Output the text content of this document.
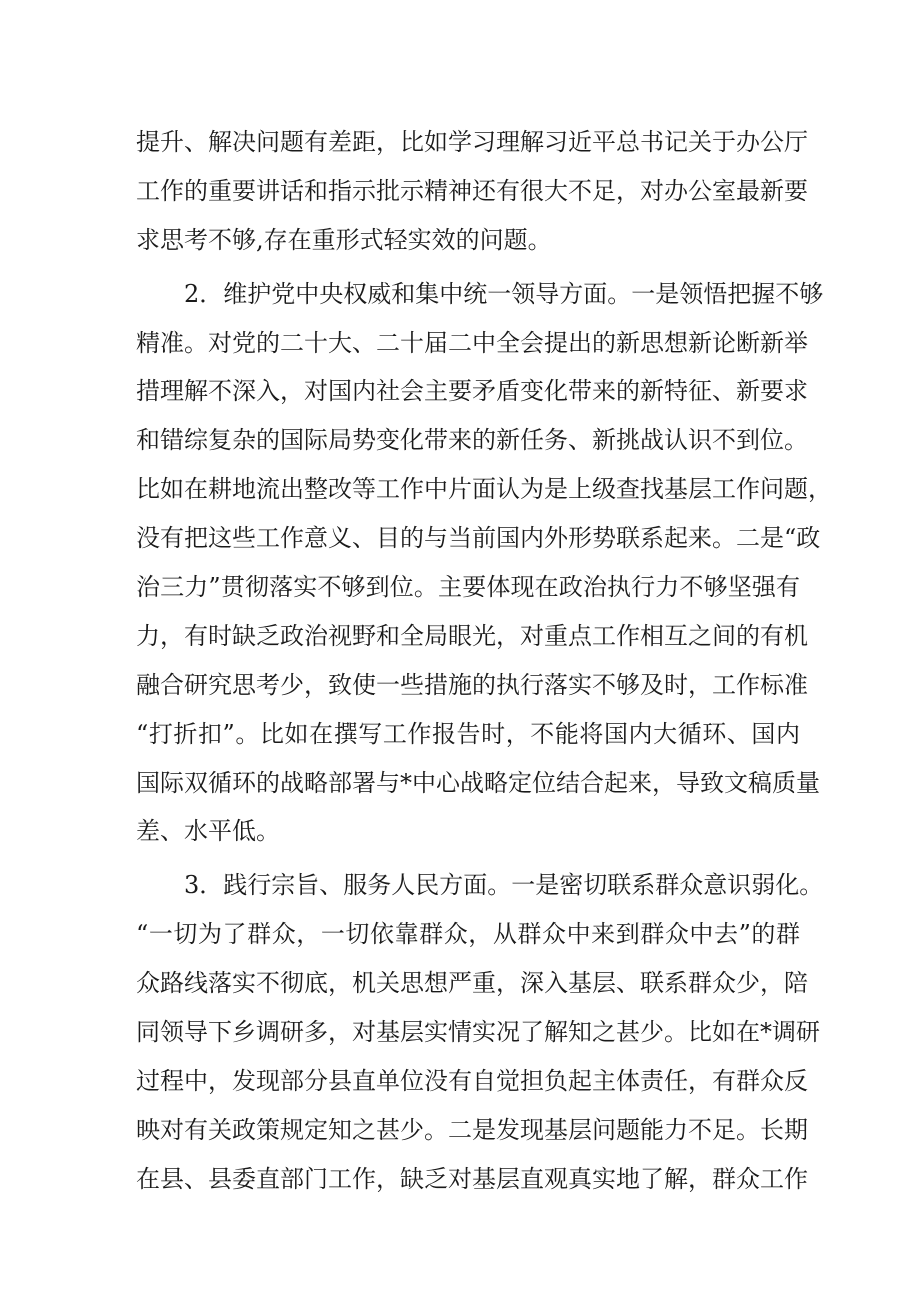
提升、解决问题有差距，比如学习理解习近平总书记关于办公厅
工作的重要讲话和指示批示精神还有很大不足，对办公室最新要
求思考不够,存在重形式轻实效的问题。
2．维护党中央权威和集中统一领导方面。一是领悟把握不够
精准。对党的二十大、二十届二中全会提出的新思想新论断新举
措理解不深入，对国内社会主要矛盾变化带来的新特征、新要求
和错综复杂的国际局势变化带来的新任务、新挑战认识不到位。
比如在耕地流出整改等工作中片面认为是上级查找基层工作问题，
没有把这些工作意义、目的与当前国内外形势联系起来。二是“政
治三力”贯彻落实不够到位。主要体现在政治执行力不够坚强有
力，有时缺乏政治视野和全局眼光，对重点工作相互之间的有机
融合研究思考少，致使一些措施的执行落实不够及时，工作标准
“打折扣”。比如在撰写工作报告时，不能将国内大循环、国内
国际双循环的战略部署与*中心战略定位结合起来，导致文稿质量
差、水平低。
3．践行宗旨、服务人民方面。一是密切联系群众意识弱化。
“一切为了群众，一切依靠群众，从群众中来到群众中去”的群
众路线落实不彻底，机关思想严重，深入基层、联系群众少，陪
同领导下乡调研多，对基层实情实况了解知之甚少。比如在*调研
过程中，发现部分县直单位没有自觉担负起主体责任，有群众反
映对有关政策规定知之甚少。二是发现基层问题能力不足。长期
在县、县委直部门工作，缺乏对基层直观真实地了解，群众工作
